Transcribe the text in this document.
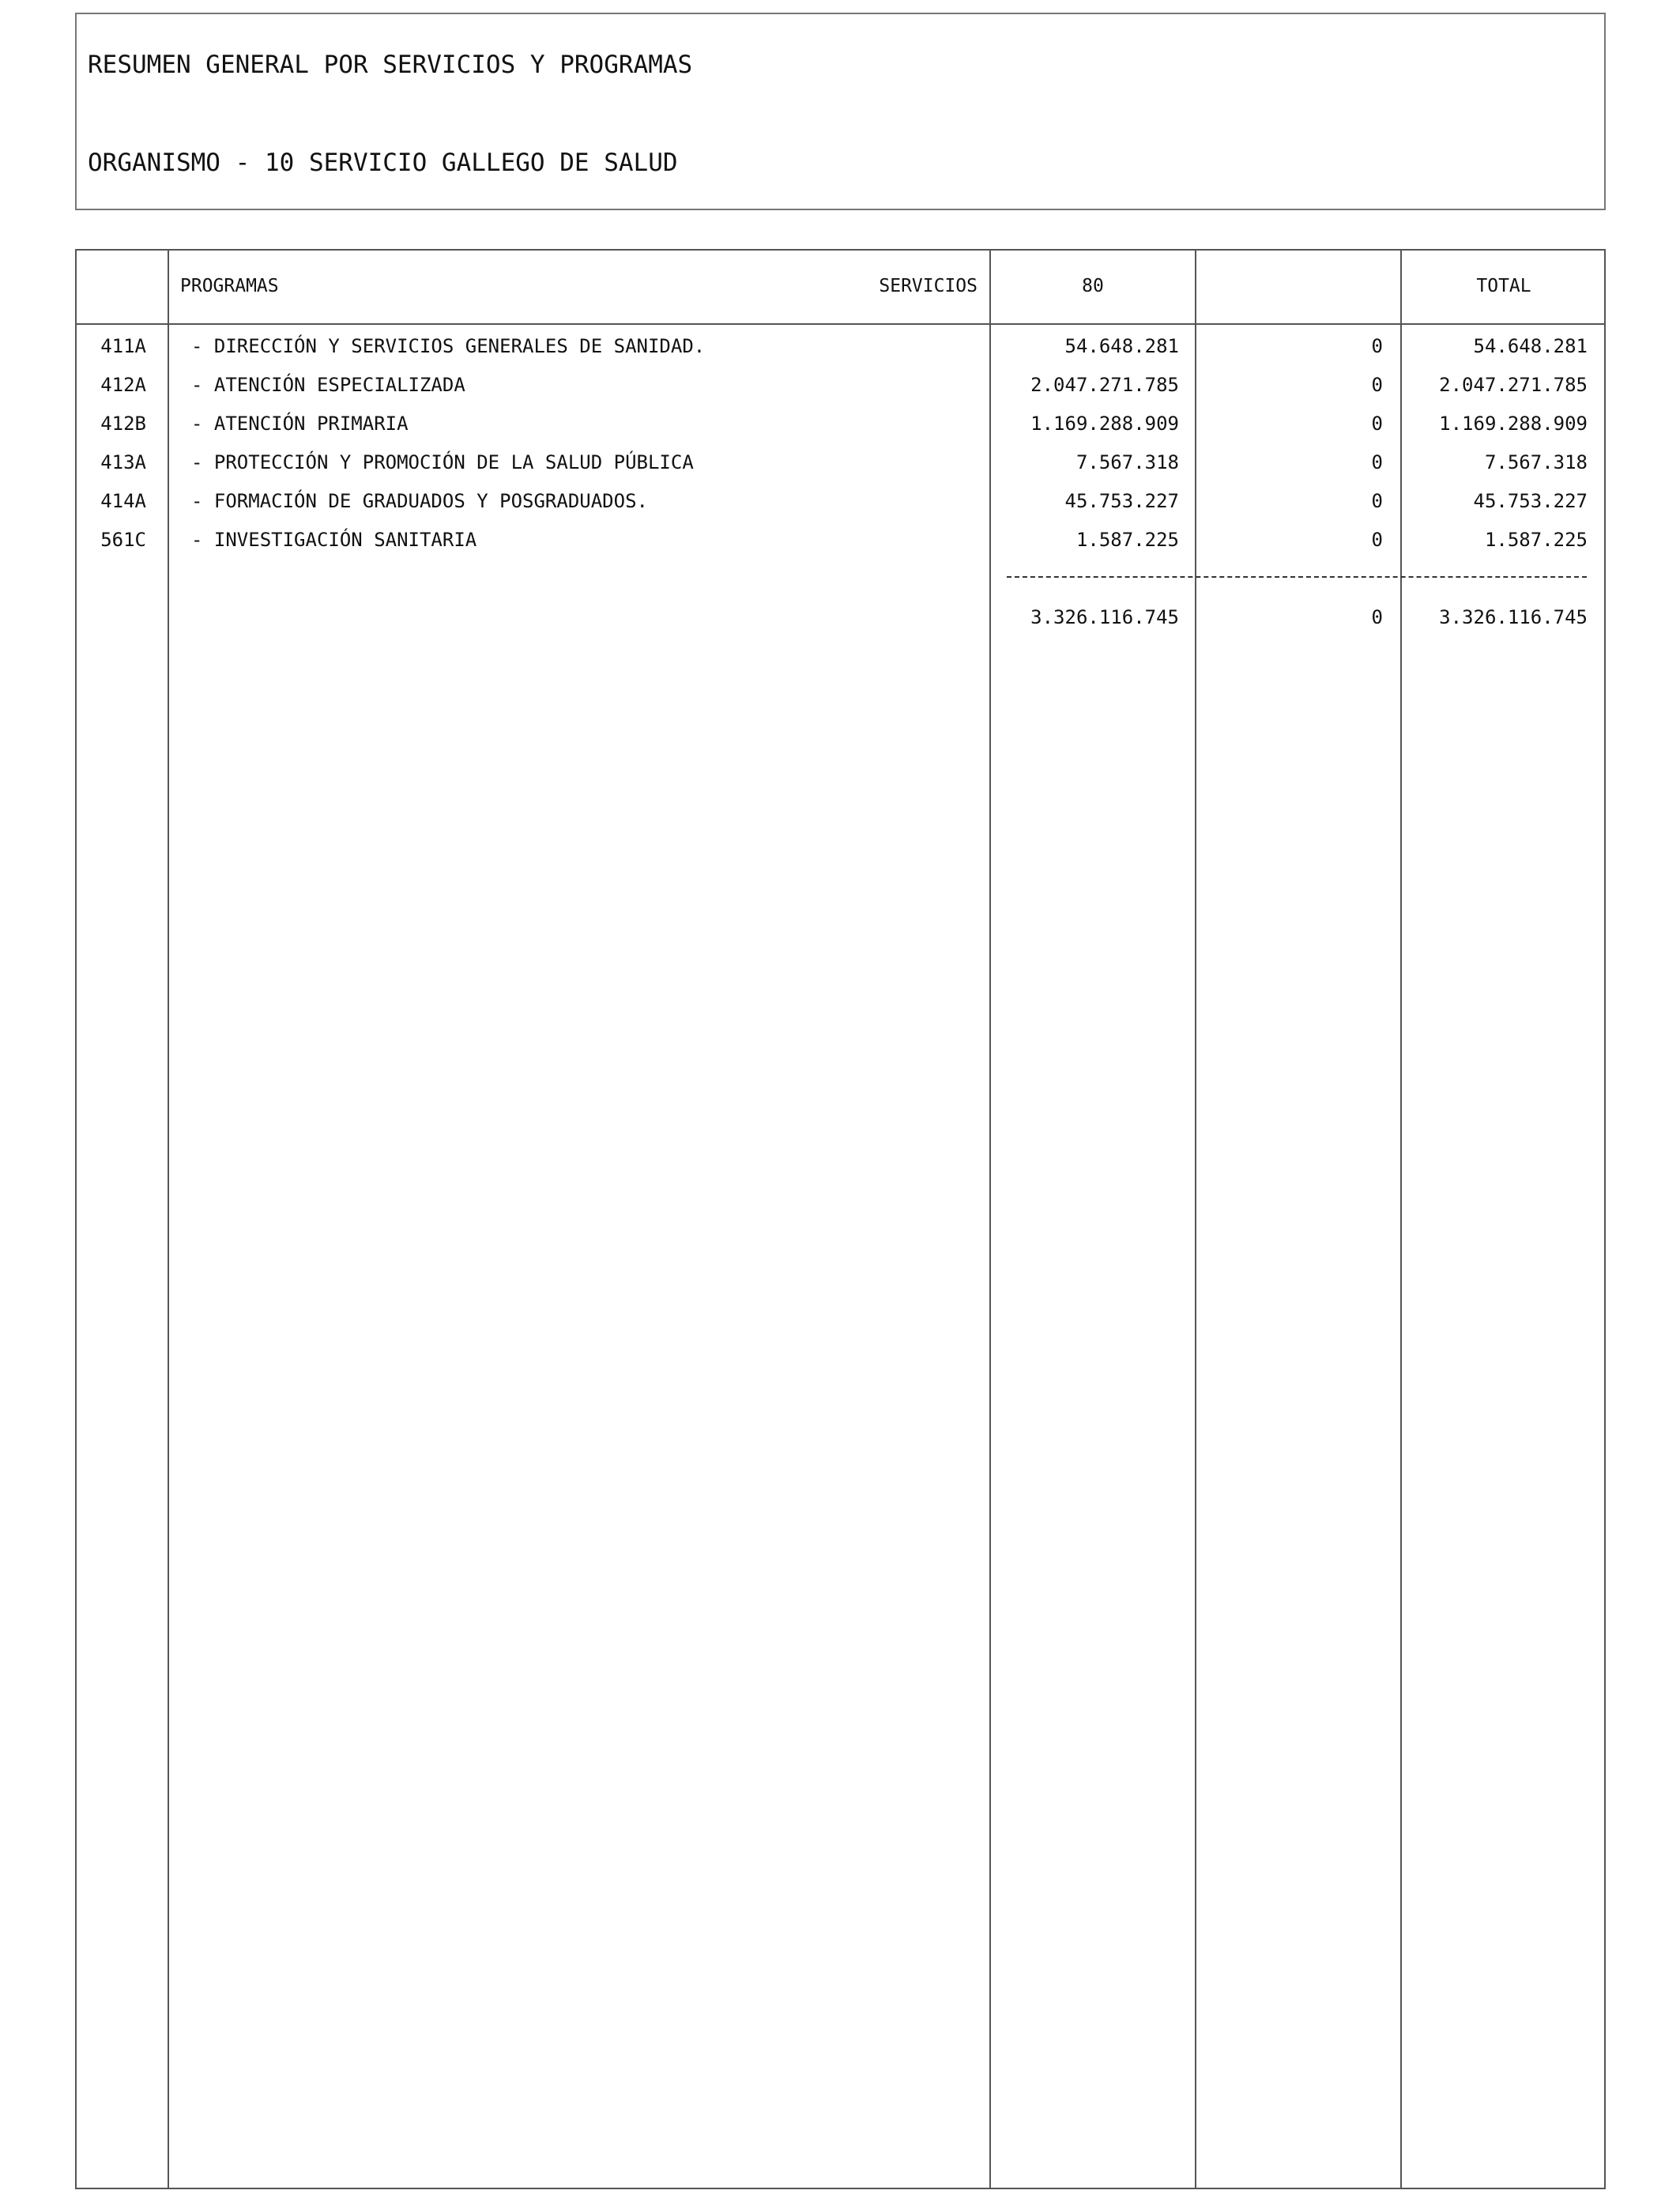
RESUMEN GENERAL POR SERVICIOS Y PROGRAMAS
ORGANISMO - 10 SERVICIO GALLEGO DE SALUD
PROGRAMAS	SERVICIOS	80	TOTAL
411A - DIRECCIÓN Y SERVICIOS GENERALES DE SANIDAD.	54.648.281	0	54.648.281
412A - ATENCIÓN ESPECIALIZADA	2.047.271.785	0	2.047.271.785
412B - ATENCIÓN PRIMARIA	1.169.288.909	0	1.169.288.909
413A - PROTECCIÓN Y PROMOCIÓN DE LA SALUD PÚBLICA	7.567.318	0	7.567.318
414A - FORMACIÓN DE GRADUADOS Y POSGRADUADOS.	45.753.227	0	45.753.227
561C - INVESTIGACIÓN SANITARIA	1.587.225	0	1.587.225
3.326.116.745	0	3.326.116.745
